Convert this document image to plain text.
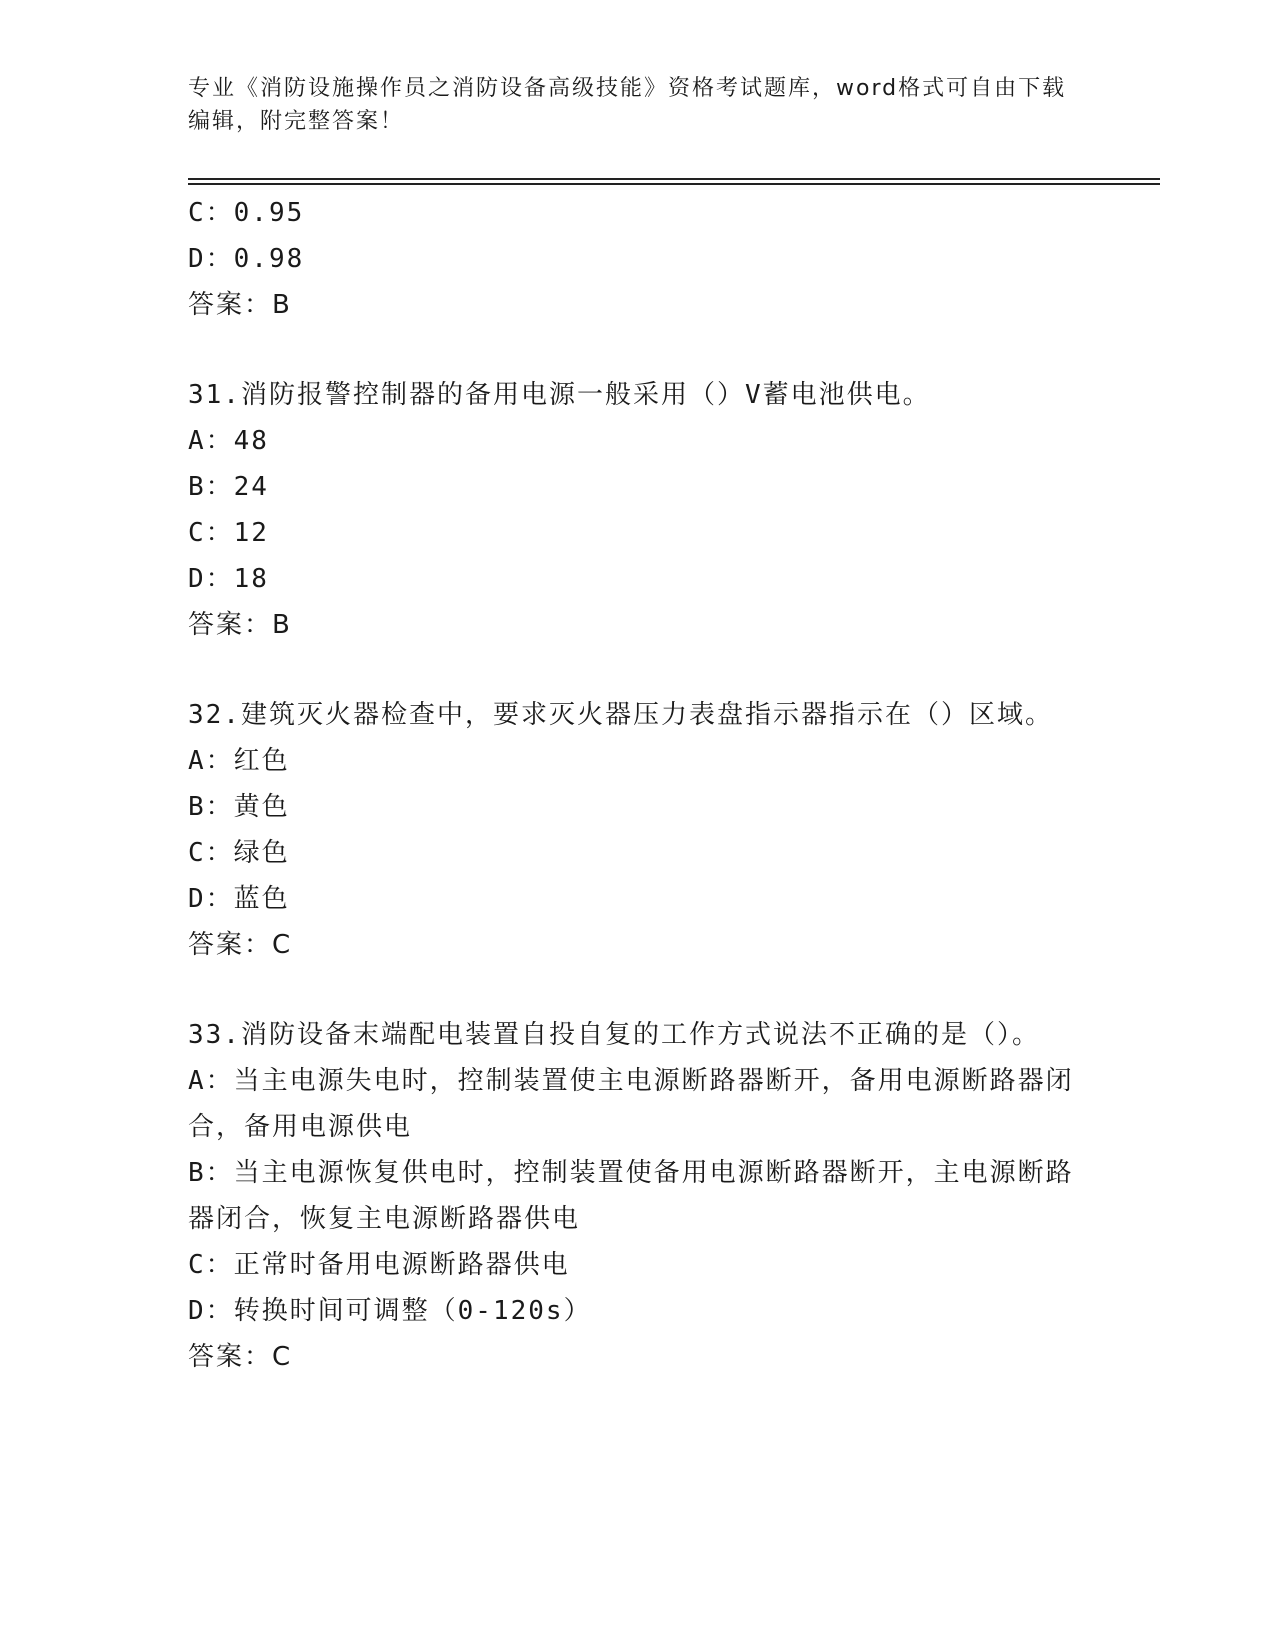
专业《消防设施操作员之消防设备高级技能》资格考试题库，word格式可自由下载编辑，附完整答案！
C：0.95
D：0.98
答案：B
31.消防报警控制器的备用电源一般采用（）V蓄电池供电。
A：48
B：24
C：12
D：18
答案：B
32.建筑灭火器检查中，要求灭火器压力表盘指示器指示在（）区域。
A：红色
B：黄色
C：绿色
D：蓝色
答案：C
33.消防设备末端配电装置自投自复的工作方式说法不正确的是（）。
A：当主电源失电时，控制装置使主电源断路器断开，备用电源断路器闭合，备用电源供电
B：当主电源恢复供电时，控制装置使备用电源断路器断开，主电源断路器闭合，恢复主电源断路器供电
C：正常时备用电源断路器供电
D：转换时间可调整（0-120s）
答案：C
